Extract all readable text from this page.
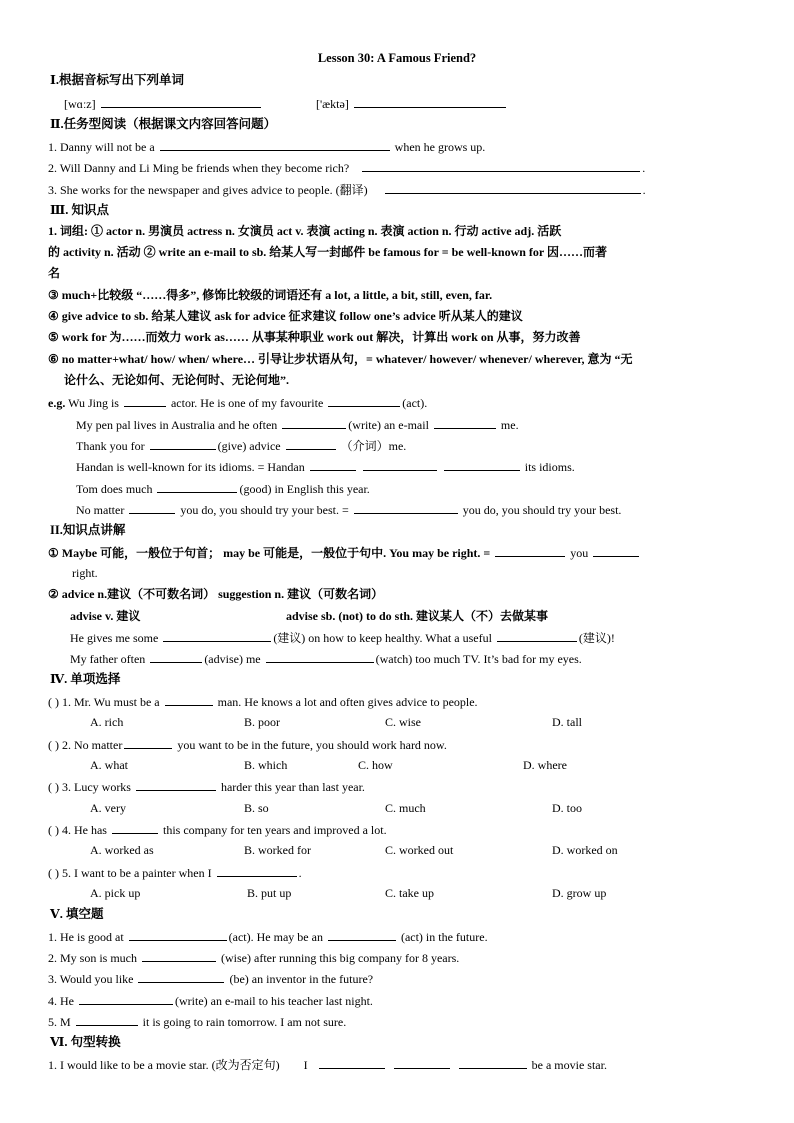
Lesson 30: A Famous Friend?
Ⅰ.根据音标写出下列单词
[wɑːz]	['æktə]
Ⅱ.任务型阅读（根据课文内容回答问题）
1. Danny will not be a	when he grows up.
2. Will Danny and Li Ming be friends when they become rich?	.
3. She works for the newspaper and gives advice to people. (翻译)	.
Ⅲ. 知识点
1. 词组: ① actor n. 男演员 actress n. 女演员 act v. 表演 acting n. 表演 action n. 行动 active adj. 活跃
的 activity n. 活动 ② write an e-mail to sb. 给某人写一封邮件 be famous for = be well-known for 因……而著
名
③ much+比较级 “……得多”, 修饰比较级的词语还有 a lot, a little, a bit, still, even, far.
④ give advice to sb. 给某人建议 ask for advice 征求建议 follow one’s advice 听从某人的建议
⑤ work for 为……而效力 work as…… 从事某种职业 work out 解决，计算出 work on 从事，努力改善
⑥ no matter+what/ how/ when/ where… 引导让步状语从句，= whatever/ however/ whenever/ wherever, 意为 “无
论什么、无论如何、无论何时、无论何地”.
e.g. Wu Jing is	actor. He is one of my favourite	(act).
My pen pal lives in Australia and he often	(write) an e-mail	me.
Thank you for	(give) advice	（介词）me.
Handan is well-known for its idioms. = Handan	its idioms.
Tom does much	(good) in English this year.
No matter	you do, you should try your best. =	you do, you should try your best.
II.知识点讲解
① Maybe 可能，一般位于句首； may be 可能是，一般位于句中. You may be right. =	you
right.
② advice n.建议（不可数名词） suggestion n. 建议（可数名词）
advise v. 建议	advise sb. (not) to do sth. 建议某人（不）去做某事
He gives me some	(建议) on how to keep healthy. What a useful	(建议)!
My father often	(advise) me	(watch) too much TV. It’s bad for my eyes.
Ⅳ. 单项选择
( ) 1. Mr. Wu must be a	man. He knows a lot and often gives advice to people.
A. rich	B. poor	C. wise	D. tall
( ) 2. No matter	you want to be in the future, you should work hard now.
A. what	B. which	C. how	D. where
( ) 3. Lucy works	harder this year than last year.
A. very	B. so	C. much	D. too
( ) 4. He has	this company for ten years and improved a lot.
A. worked as	B. worked for	C. worked out	D. worked on
( ) 5. I want to be a painter when I	.
A. pick up	B. put up	C. take up	D. grow up
Ⅴ. 填空题
1. He is good at	(act). He may be an	(act) in the future.
2. My son is much	(wise) after running this big company for 8 years.
3. Would you like	(be) an inventor in the future?
4. He	(write) an e-mail to his teacher last night.
5. M	it is going to rain tomorrow. I am not sure.
Ⅵ. 句型转换
1. I would like to be a movie star. (改为否定句) I	be a movie star.
